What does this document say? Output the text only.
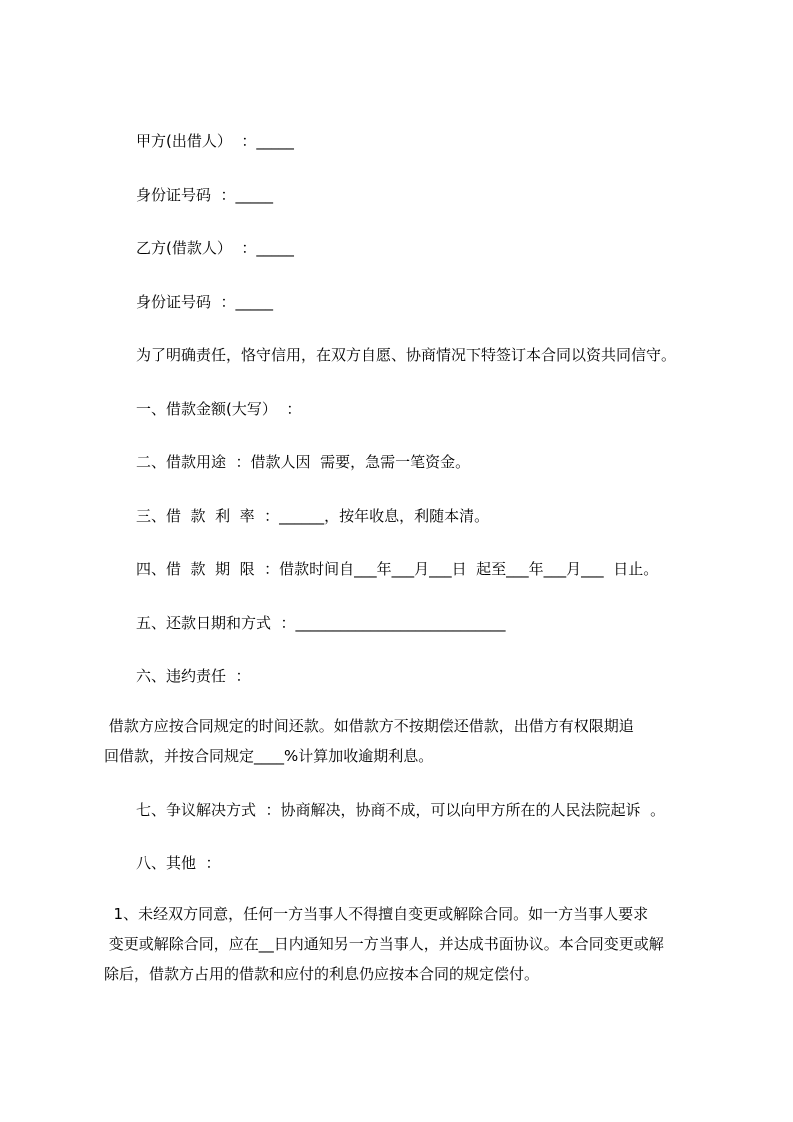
甲方(出借人）  ：_____

身份证号码  ：_____

乙方(借款人）  ：_____

身份证号码  ：_____

为了明确责任，恪守信用，在双方自愿、协商情况下特签订本合同以资共同信守。

一、借款金额(大写）  ：

二、借款用途  ：借款人因  需要，急需一笔资金。

三、借  款  利  率  ：______，按年收息，利随本清。

四、借  款  期  限  ：借款时间自___年___月___日  起至___年___月___  日止。

五、还款日期和方式  ：____________________________

六、违约责任  ：

借款方应按合同规定的时间还款。如借款方不按期偿还借款，出借方有权限期追
回借款，并按合同规定____%计算加收逾期利息。

七、争议解决方式  ：协商解决，协商不成，可以向甲方所在的人民法院起诉  。

八、其他  ：

1、未经双方同意，任何一方当事人不得擅自变更或解除合同。如一方当事人要求
变更或解除合同，应在__日内通知另一方当事人，并达成书面协议。本合同变更或解
除后，借款方占用的借款和应付的利息仍应按本合同的规定偿付。
